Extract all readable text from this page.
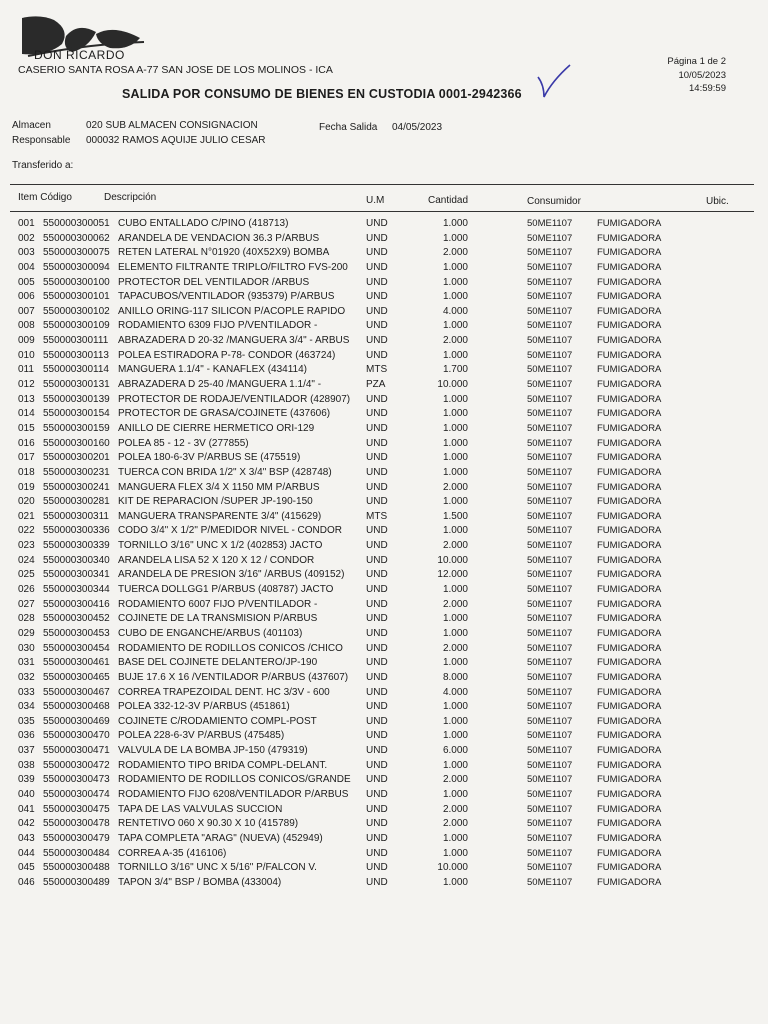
DON RICARDO
CASERIO SANTA ROSA A-77 SAN JOSE DE LOS MOLINOS - ICA
Página 1 de 2
10/05/2023
14:59:59
SALIDA POR CONSUMO DE BIENES EN CUSTODIA 0001-2942366
Almacen	020 SUB ALMACEN CONSIGNACION	Fecha Salida 04/05/2023
Responsable 000032 RAMOS AQUIJE JULIO CESAR
Transferido a:
Item Código	Descripción	U.M	Cantidad	Consumidor	Ubic.
001 550000300051 CUBO ENTALLADO C/PINO (418713)	UND	1.000	50ME1107	FUMIGADORA
002 550000300062 ARANDELA DE VENDACION 36.3 P/ARBUS	UND	1.000	50ME1107	FUMIGADORA
003 550000300075 RETEN LATERAL N°01920 (40X52X9) BOMBA	UND	2.000	50ME1107	FUMIGADORA
004 550000300094 ELEMENTO FILTRANTE TRIPLO/FILTRO FVS-200 UND	1.000	50ME1107	FUMIGADORA
005 550000300100 PROTECTOR DEL VENTILADOR /ARBUS	UND	1.000	50ME1107	FUMIGADORA
006 550000300101 TAPACUBOS/VENTILADOR (935379) P/ARBUS	UND	1.000	50ME1107	FUMIGADORA
007 550000300102 ANILLO ORING-117 SILICON P/ACOPLE RAPIDO UND	4.000	50ME1107	FUMIGADORA
008 550000300109 RODAMIENTO 6309 FIJO P/VENTILADOR -	UND	1.000	50ME1107	FUMIGADORA
009 550000300111 ABRAZADERA D 20-32 /MANGUERA 3/4" - ARBUS UND	2.000	50ME1107	FUMIGADORA
010 550000300113 POLEA ESTIRADORA P-78- CONDOR (463724)	UND	1.000	50ME1107	FUMIGADORA
011 550000300114 MANGUERA 1.1/4" - KANAFLEX (434114)	MTS	1.700	50ME1107	FUMIGADORA
012 550000300131 ABRAZADERA D 25-40 /MANGUERA 1.1/4" -	PZA	10.000	50ME1107	FUMIGADORA
013 550000300139 PROTECTOR DE RODAJE/VENTILADOR (428907) UND	1.000	50ME1107	FUMIGADORA
014 550000300154 PROTECTOR DE GRASA/COJINETE (437606)	UND	1.000	50ME1107	FUMIGADORA
015 550000300159 ANILLO DE CIERRE HERMETICO ORI-129	UND	1.000	50ME1107	FUMIGADORA
016 550000300160 POLEA 85 - 12 - 3V (277855)	UND	1.000	50ME1107	FUMIGADORA
017 550000300201 POLEA 180-6-3V P/ARBUS SE (475519)	UND	1.000	50ME1107	FUMIGADORA
018 550000300231 TUERCA CON BRIDA 1/2" X 3/4" BSP (428748)	UND	1.000	50ME1107	FUMIGADORA
019 550000300241 MANGUERA FLEX 3/4 X 1150 MM P/ARBUS	UND	2.000	50ME1107	FUMIGADORA
020 550000300281 KIT DE REPARACION /SUPER JP-190-150	UND	1.000	50ME1107	FUMIGADORA
021 550000300311 MANGUERA TRANSPARENTE 3/4" (415629)	MTS	1.500	50ME1107	FUMIGADORA
022 550000300336 CODO 3/4" X 1/2" P/MEDIDOR NIVEL - CONDOR UND	1.000	50ME1107	FUMIGADORA
023 550000300339 TORNILLO 3/16" UNC X 1/2 (402853) JACTO	UND	2.000	50ME1107	FUMIGADORA
024 550000300340 ARANDELA LISA 52 X 120 X 12 / CONDOR	UND	10.000	50ME1107	FUMIGADORA
025 550000300341 ARANDELA DE PRESION 3/16" /ARBUS (409152) UND	12.000	50ME1107	FUMIGADORA
026 550000300344 TUERCA DOLLGG1 P/ARBUS (408787) JACTO	UND	1.000	50ME1107	FUMIGADORA
027 550000300416 RODAMIENTO 6007 FIJO P/VENTILADOR -	UND	2.000	50ME1107	FUMIGADORA
028 550000300452 COJINETE DE LA TRANSMISION P/ARBUS	UND	1.000	50ME1107	FUMIGADORA
029 550000300453 CUBO DE ENGANCHE/ARBUS (401103)	UND	1.000	50ME1107	FUMIGADORA
030 550000300454 RODAMIENTO DE RODILLOS CONICOS /CHICO UND	2.000	50ME1107	FUMIGADORA
031 550000300461 BASE DEL COJINETE DELANTERO/JP-190	UND	1.000	50ME1107	FUMIGADORA
032 550000300465 BUJE 17.6 X 16 /VENTILADOR P/ARBUS (437607) UND	8.000	50ME1107	FUMIGADORA
033 550000300467 CORREA TRAPEZOIDAL DENT. HC 3/3V - 600	UND	4.000	50ME1107	FUMIGADORA
034 550000300468 POLEA 332-12-3V P/ARBUS (451861)	UND	1.000	50ME1107	FUMIGADORA
035 550000300469 COJINETE C/RODAMIENTO COMPL-POST	UND	1.000	50ME1107	FUMIGADORA
036 550000300470 POLEA 228-6-3V P/ARBUS (475485)	UND	1.000	50ME1107	FUMIGADORA
037 550000300471 VALVULA DE LA BOMBA JP-150 (479319)	UND	6.000	50ME1107	FUMIGADORA
038 550000300472 RODAMIENTO TIPO BRIDA COMPL-DELANT.	UND	1.000	50ME1107	FUMIGADORA
039 550000300473 RODAMIENTO DE RODILLOS CONICOS/GRANDE UND	2.000	50ME1107	FUMIGADORA
040 550000300474 RODAMIENTO FIJO 6208/VENTILADOR P/ARBUS UND	1.000	50ME1107	FUMIGADORA
041 550000300475 TAPA DE LAS VALVULAS SUCCION	UND	2.000	50ME1107	FUMIGADORA
042 550000300478 RENTETIVO 060 X 90.30 X 10 (415789)	UND	2.000	50ME1107	FUMIGADORA
043 550000300479 TAPA COMPLETA "ARAG" (NUEVA) (452949)	UND	1.000	50ME1107	FUMIGADORA
044 550000300484 CORREA A-35 (416106)	UND	1.000	50ME1107	FUMIGADORA
045 550000300488 TORNILLO 3/16" UNC X 5/16" P/FALCON V.	UND	10.000	50ME1107	FUMIGADORA
046 550000300489 TAPON 3/4" BSP / BOMBA (433004)	UND	1.000	50ME1107	FUMIGADORA
